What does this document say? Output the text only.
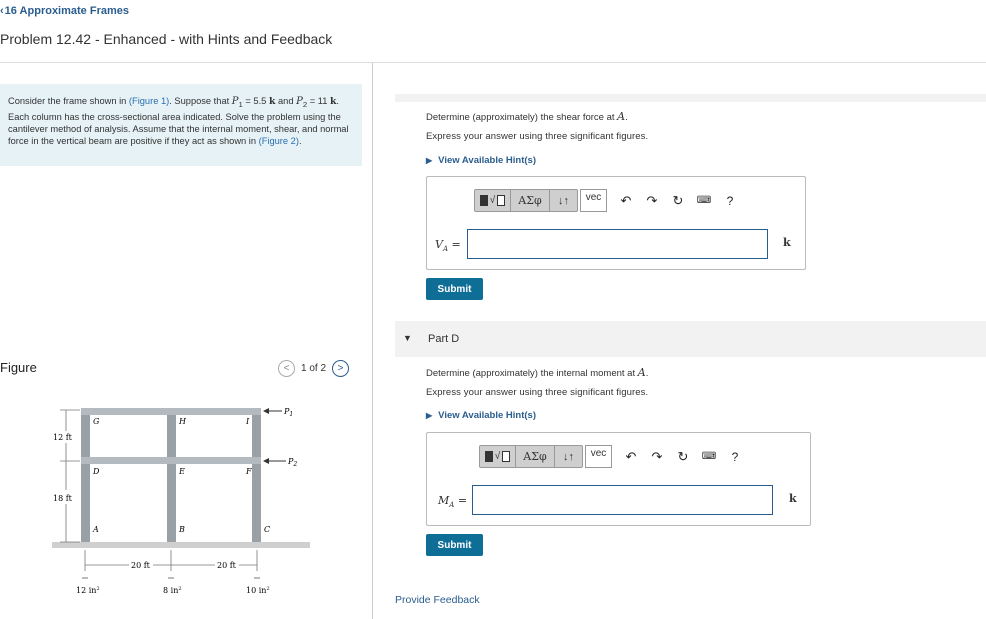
‹16 Approximate Frames
Problem 12.42 - Enhanced - with Hints and Feedback
Consider the frame shown in (Figure 1). Suppose that $P_1 = 5.5$ k and $P_2 = 11$ k. Each column has the cross-sectional area indicated. Solve the problem using the cantilever method of analysis. Assume that the internal moment, shear, and normal force in the vertical beam are positive if they act as shown in (Figure 2).
Figure	<	1 of 2	>
G	H	I
D	E	F
A	B	C
$P_1$
$P_2$
12 ft
18 ft
20 ft	20 ft
12 $in^2$	8 $in^2$	10 $in^2$
Determine (approximately) the shear force at A.
Express your answer using three significant figures.
▶ View Available Hint(s)
√	ΑΣφ	↓↑	vec	↶	↷	↻	⌨	?
$V_A$ =	k
Submit
▼ Part D
Determine (approximately) the internal moment at A.
Express your answer using three significant figures.
▶ View Available Hint(s)
√	ΑΣφ	↓↑	vec	↶	↷	↻	⌨	?
$M_A$ =	k
Submit
Provide Feedback
